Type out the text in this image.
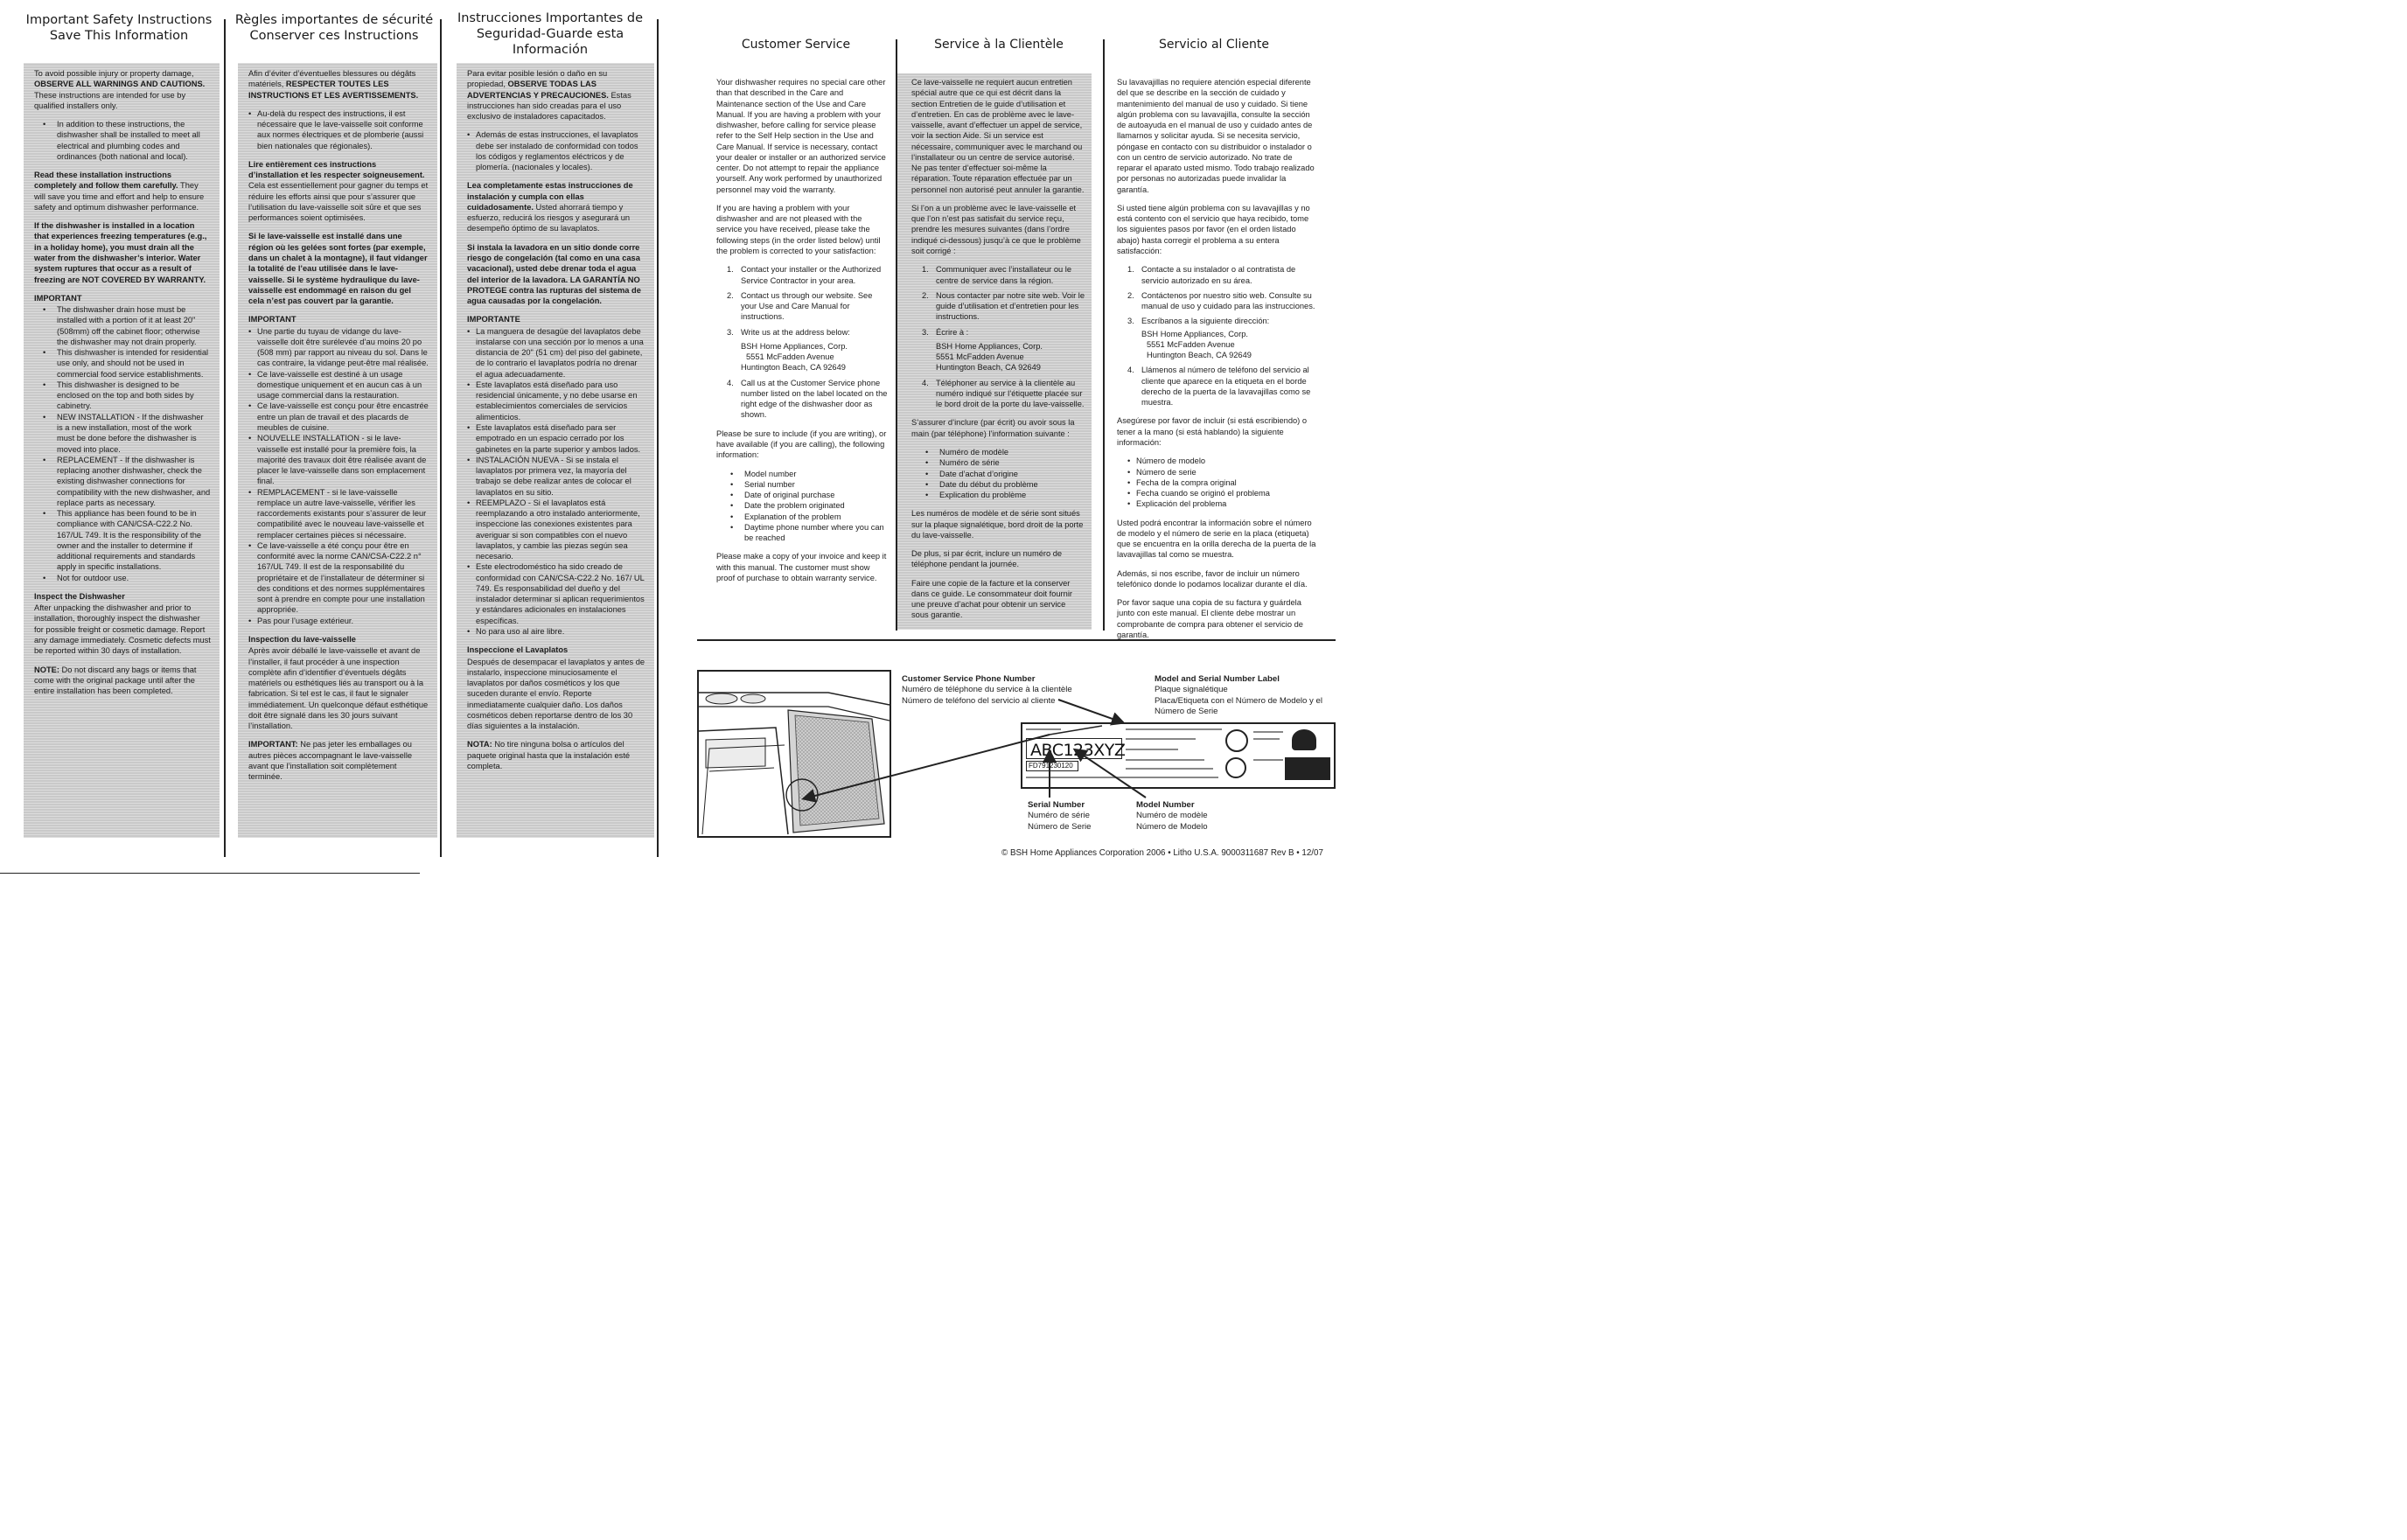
Important Safety Instructions
Save This Information
Règles importantes de sécurité
Conserver ces Instructions
Instrucciones Importantes de
Seguridad-Guarde esta Información

To avoid possible injury or property damage, OBSERVE ALL WARNINGS AND CAUTIONS. These instructions are intended for use by qualified installers only.

• In addition to these instructions, the dishwasher shall be installed to meet all electrical and plumbing codes and ordinances (both national and local).

Read these installation instructions completely and follow them carefully. They will save you time and effort and help to ensure safety and optimum dishwasher performance.

If the dishwasher is installed in a location that experiences freezing temperatures (e.g., in a holiday home), you must drain all the water from the dishwasher’s interior. Water system ruptures that occur as a result of freezing are NOT COVERED BY WARRANTY.

IMPORTANT
• The dishwasher drain hose must be installed with a portion of it at least 20" (508mm) off the cabinet floor; otherwise the dishwasher may not drain properly.
• This dishwasher is intended for residential use only, and should not be used in commercial food service establishments.
• This dishwasher is designed to be enclosed on the top and both sides by cabinetry.
• NEW INSTALLATION - If the dishwasher is a new installation, most of the work must be done before the dishwasher is moved into place.
• REPLACEMENT - If the dishwasher is replacing another dishwasher, check the existing dishwasher connections for compatibility with the new dishwasher, and replace parts as necessary.
• This appliance has been found to be in compliance with CAN/CSA-C22.2 No. 167/UL 749. It is the responsibility of the owner and the installer to determine if additional requirements and standards apply in specific installations.
• Not for outdoor use.
Inspect the Dishwasher

After unpacking the dishwasher and prior to installation, thoroughly inspect the dishwasher for possible freight or cosmetic damage. Report any damage immediately. Cosmetic defects must be reported within 30 days of installation.

NOTE: Do not discard any bags or items that come with the original package until after the entire installation has been completed.

Afin d’éviter d’éventuelles blessures ou dégâts matériels, RESPECTER TOUTES LES INSTRUCTIONS ET LES AVERTISSEMENTS.

• Au-delà du respect des instructions, il est nécessaire que le lave-vaisselle soit conforme aux normes électriques et de plomberie (aussi bien nationales que régionales).

Lire entièrement ces instructions d’installation et les respecter soigneusement. Cela est essentiellement pour gagner du temps et réduire les efforts ainsi que pour s’assurer que l’utilisation du lave-vaisselle soit sûre et que ses performances soient optimisées.

Si le lave-vaisselle est installé dans une région où les gelées sont fortes (par exemple, dans un chalet à la montagne), il faut vidanger la totalité de l’eau utilisée dans le lave-vaisselle. Si le système hydraulique du lave-vaisselle est endommagé en raison du gel cela n’est pas couvert par la garantie.

IMPORTANT
• Une partie du tuyau de vidange du lave-vaisselle doit être surélevée d’au moins 20 po (508 mm) par rapport au niveau du sol. Dans le cas contraire, la vidange peut-être mal réalisée.
• Ce lave-vaisselle est destiné à un usage domestique uniquement et en aucun cas à un usage commercial dans la restauration.
• Ce lave-vaisselle est conçu pour être encastrée entre un plan de travail et des placards de meubles de cuisine.
• NOUVELLE INSTALLATION - si le lave-vaisselle est installé pour la première fois, la majorité des travaux doit être réalisée avant de placer le lave-vaisselle dans son emplacement final.
• REMPLACEMENT - si le lave-vaisselle remplace un autre lave-vaisselle, vérifier les raccordements existants pour s’assurer de leur compatibilité avec le nouveau lave-vaisselle et remplacer certaines pièces si nécessaire.
• Ce lave-vaisselle a été conçu pour être en conformité avec la norme CAN/CSA-C22.2 n° 167/UL 749. Il est de la responsabilité du propriétaire et de l’installateur de déterminer si des conditions et des normes supplémentaires sont à prendre en compte pour une installation appropriée.
• Pas pour l’usage extérieur.
Inspection du lave-vaisselle

Après avoir déballé le lave-vaisselle et avant de l’installer, il faut procéder à une inspection complète afin d’identifier d’éventuels dégâts matériels ou esthétiques liés au transport ou à la fabrication. Si tel est le cas, il faut le signaler immédiatement. Un quelconque défaut esthétique doit être signalé dans les 30 jours suivant l’installation.

IMPORTANT: Ne pas jeter les emballages ou autres pièces accompagnant le lave-vaisselle avant que l’installation soit complètement terminée.

Para evitar posible lesión o daño en su propiedad, OBSERVE TODAS LAS ADVERTENCIAS Y PRECAUCIONES. Estas instrucciones han sido creadas para el uso exclusivo de instaladores capacitados.

• Además de estas instrucciones, el lavaplatos debe ser instalado de conformidad con todos los códigos y reglamentos eléctricos y de plomería. (nacionales y locales).

Lea completamente estas instrucciones de instalación y cumpla con ellas cuidadosamente. Usted ahorrará tiempo y esfuerzo, reducirá los riesgos y asegurará un desempeño óptimo de su lavaplatos.

Si instala la lavadora en un sitio donde corre riesgo de congelación (tal como en una casa vacacional), usted debe drenar toda el agua del interior de la lavadora. LA GARANTÍA NO PROTEGE contra las rupturas del sistema de agua causadas por la congelación.

IMPORTANTE
• La manguera de desagüe del lavaplatos debe instalarse con una sección por lo menos a una distancia de 20" (51 cm) del piso del gabinete, de lo contrario el lavaplatos podría no drenar el agua adecuadamente.
• Este lavaplatos está diseñado para uso residencial únicamente, y no debe usarse en establecimientos comerciales de servicios alimenticios.
• Este lavaplatos está diseñado para ser empotrado en un espacio cerrado por los gabinetes en la parte superior y ambos lados.
• INSTALACIÓN NUEVA - Si se instala el lavaplatos por primera vez, la mayoría del trabajo se debe realizar antes de colocar el lavaplatos en su sitio.
• REEMPLAZO - Si el lavaplatos está reemplazando a otro instalado anteriormente, inspeccione las conexiones existentes para averiguar si son compatibles con el nuevo lavaplatos, y cambie las piezas según sea necesario.
• Este electrodoméstico ha sido creado de conformidad con CAN/CSA-C22.2 No. 167/ UL 749. Es responsabilidad del dueño y del instalador determinar si aplican requerimientos y estándares adicionales en instalaciones específicas.
• No para uso al aire libre.
Inspeccione el Lavaplatos

Después de desempacar el lavaplatos y antes de instalarlo, inspeccione minuciosamente el lavaplatos por daños cosméticos y los que suceden durante el envío. Reporte inmediatamente cualquier daño. Los daños cosméticos deben reportarse dentro de los 30 días siguientes a la instalación.

NOTA: No tire ninguna bolsa o artículos del paquete original hasta que la instalación esté completa.

Customer Service	Service à la Clientèle	Servicio al Cliente

Your dishwasher requires no special care other than that described in the Care and Maintenance section of the Use and Care Manual. If you are having a problem with your dishwasher, before calling for service please refer to the Self Help section in the Use and Care Manual. If service is necessary, contact your dealer or installer or an authorized service center. Do not attempt to repair the appliance yourself. Any work performed by unauthorized personnel may void the warranty.

If you are having a problem with your dishwasher and are not pleased with the service you have received, please take the following steps (in the order listed below) until the problem is corrected to your satisfaction:

1. Contact your installer or the Authorized Service Contractor in your area.
2. Contact us through our website. See your Use and Care Manual for instructions.
3. Write us at the address below:
BSH Home Appliances, Corp.
5551 McFadden Avenue
Huntington Beach, CA 92649
4. Call us at the Customer Service phone number listed on the label located on the right edge of the dishwasher door as shown.

Please be sure to include (if you are writing), or have available (if you are calling), the following information:

• Model number
• Serial number
• Date of original purchase
• Date the problem originated
• Explanation of the problem
• Daytime phone number where you can be reached

Please make a copy of your invoice and keep it with this manual. The customer must show proof of purchase to obtain warranty service.

Ce lave-vaisselle ne requiert aucun entretien spécial autre que ce qui est décrit dans la section Entretien de le guide d’utilisation et d’entretien. En cas de problème avec le lave-vaisselle, avant d’effectuer un appel de service, voir la section Aide. Si un service est nécessaire, communiquer avec le marchand ou l’installateur ou un centre de service autorisé. Ne pas tenter d’effectuer soi-même la réparation. Toute réparation effectuée par un personnel non autorisé peut annuler la garantie.

Si l’on a un problème avec le lave-vaisselle et que l’on n’est pas satisfait du service reçu, prendre les mesures suivantes (dans l’ordre indiqué ci-dessous) jusqu’à ce que le problème soit corrigé :

1. Communiquer avec l’installateur ou le centre de service dans la région.
2. Nous contacter par notre site web. Voir le guide d’utilisation et d’entretien pour les instructions.
3. Écrire à :
BSH Home Appliances, Corp.
5551 McFadden Avenue
Huntington Beach, CA 92649
4. Téléphoner au service à la clientèle au numéro indiqué sur l’étiquette placée sur le bord droit de la porte du lave-vaisselle.

S’assurer d’inclure (par écrit) ou avoir sous la main (par téléphone) l’information suivante :

• Numéro de modèle
• Numéro de série
• Date d’achat d’origine
• Date du début du problème
• Explication du problème

Les numéros de modèle et de série sont situés sur la plaque signalétique, bord droit de la porte du lave-vaisselle.

De plus, si par écrit, inclure un numéro de téléphone pendant la journée.

Faire une copie de la facture et la conserver dans ce guide. Le consommateur doit fournir une preuve d’achat pour obtenir un service sous garantie.

Su lavavajillas no requiere atención especial diferente del que se describe en la sección de cuidado y mantenimiento del manual de uso y cuidado. Si tiene algún problema con su lavavajilla, consulte la sección de autoayuda en el manual de uso y cuidado antes de llamarnos y solicitar ayuda. Si se necesita servicio, póngase en contacto con su distribuidor o instalador o con un centro de servicio autorizado. No trate de reparar el aparato usted mismo. Todo trabajo realizado por personas no autorizadas puede invalidar la garantía.

Si usted tiene algún problema con su lavavajillas y no está contento con el servicio que haya recibido, tome los siguientes pasos por favor (en el orden listado abajo) hasta corregir el problema a su entera satisfacción:

1. Contacte a su instalador o al contratista de servicio autorizado en su área.
2. Contáctenos por nuestro sitio web. Consulte su manual de uso y cuidado para las instrucciones.
3. Escríbanos a la siguiente dirección:
BSH Home Appliances, Corp.
5551 McFadden Avenue
Huntington Beach, CA 92649
4. Llámenos al número de teléfono del servicio al cliente que aparece en la etiqueta en el borde derecho de la puerta de la lavavajillas como se muestra.

Asegúrese por favor de incluir (si está escribiendo) o tener a la mano (si está hablando) la siguiente información:

• Número de modelo
• Número de serie
• Fecha de la compra original
• Fecha cuando se originó el problema
• Explicación del problema

Usted podrá encontrar la información sobre el número de modelo y el número de serie en la placa (etiqueta) que se encuentra en la orilla derecha de la puerta de la lavavajillas tal como se muestra.

Además, si nos escribe, favor de incluir un número telefónico donde lo podamos localizar durante el día.

Por favor saque una copia de su factura y guárdela junto con este manual. El cliente debe mostrar un comprobante de compra para obtener el servicio de garantía.

Customer Service Phone Number
Numéro de téléphone du service à la clientèle
Número de teléfono del servicio al cliente
Model and Serial Number Label
Plaque signalétique
Placa/Etiqueta con el Número de Modelo y el Número de Serie
ABC123XYZ
FD791230120
Serial Number
Numéro de série
Número de Serie
Model Number
Numéro de modèle
Número de Modelo
© BSH Home Appliances Corporation 2006 • Litho U.S.A. 9000311687 Rev B • 12/07
